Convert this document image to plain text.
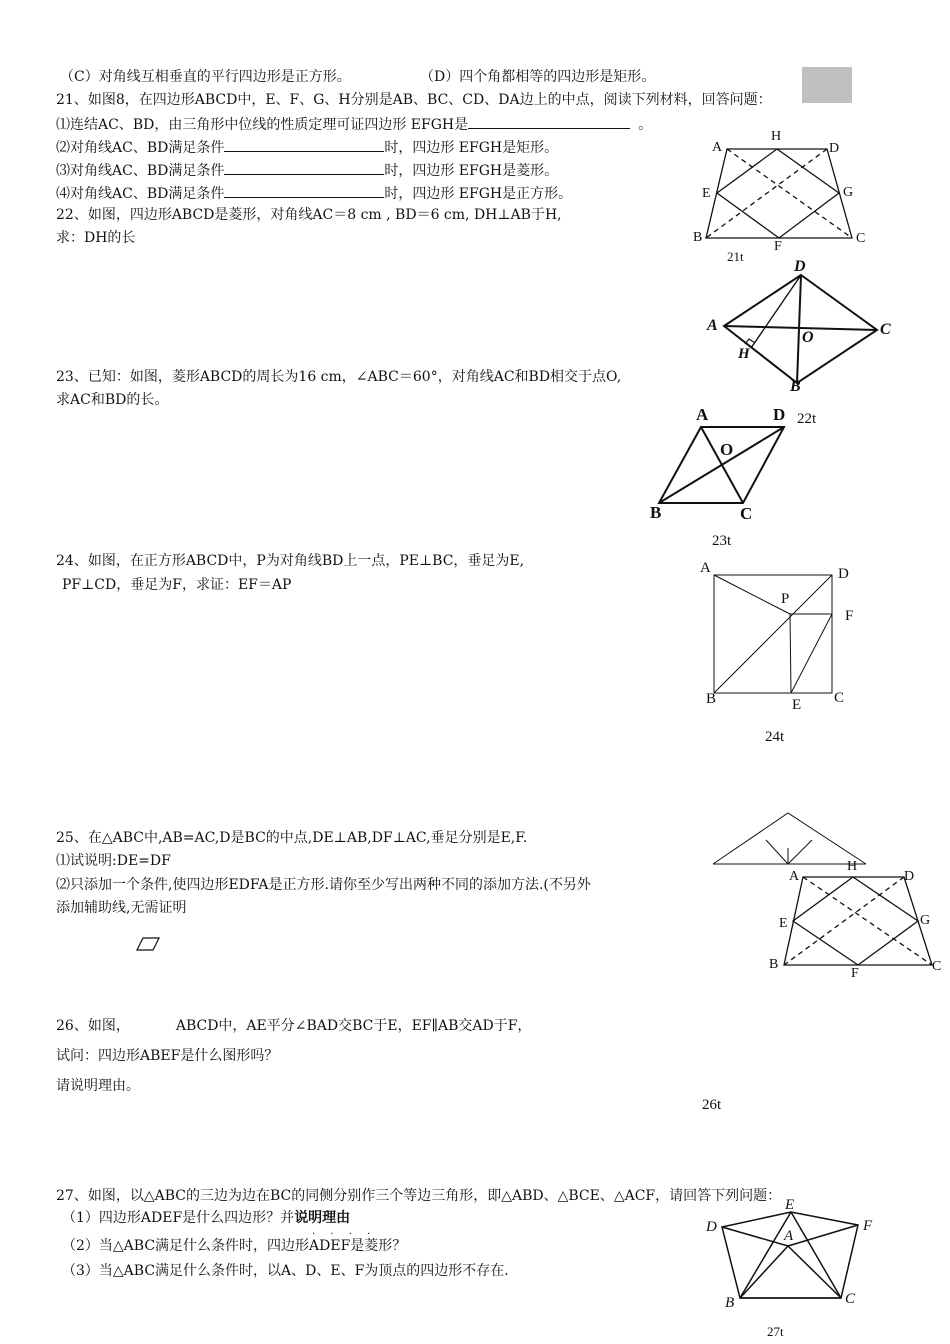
（C）对角线互相垂直的平行四边形是正方形。	（D）四个角都相等的四边形是矩形。
21、如图8，在四边形ABCD中，E、F、G、H分别是AB、BC、CD、DA边上的中点，阅读下列材料，回答问题：
⑴连结AC、BD，由三角形中位线的性质定理可证四边形 EFGH是	。
⑵对角线AC、BD满足条件	时，四边形 EFGH是矩形。
⑶对角线AC、BD满足条件	时，四边形 EFGH是菱形。
⑷对角线AC、BD满足条件	时，四边形 EFGH是正方形。
22、如图，四边形ABCD是菱形，对角线AC＝8 cm , BD＝6 cm, DH⊥AB于H,
求：DH的长
23、已知：如图，菱形ABCD的周长为16 cm，∠ABC＝60°，对角线AC和BD相交于点O,
求AC和BD的长。
24、如图，在正方形ABCD中，P为对角线BD上一点，PE⊥BC，垂足为E,
PF⊥CD，垂足为F，求证：EF＝AP
25、在△ABC中,AB=AC,D是BC的中点,DE⊥AB,DF⊥AC,垂足分别是E,F.
⑴试说明:DE=DF
⑵只添加一个条件,使四边形EDFA是正方形.请你至少写出两种不同的添加方法.(不另外
添加辅助线,无需证明
26、如图，	ABCD中，AE平分∠BAD交BC于E，EF∥AB交AD于F，
试问：四边形ABEF是什么图形吗？
请说明理由。
27、如图，以△ABC的三边为边在BC的同侧分别作三个等边三角形，即△ABD、△BCE、△ACF，请回答下列问题：
（1）四边形ADEF是什么四边形？并说明理由
· · · ·
（2）当△ABC满足什么条件时，四边形ADEF是菱形？
（3）当△ABC满足什么条件时，以A、D、E、F为顶点的四边形不存在.
A	D
H
E	G
B
F
C
21t
D
A	C
O
H
B
22t
A	D
O
B	C
23t
A	D
P
F
B	C
E
24t
A
H
D
E	G
B
F	C
26t
D
E
F
A
B	C
27t
